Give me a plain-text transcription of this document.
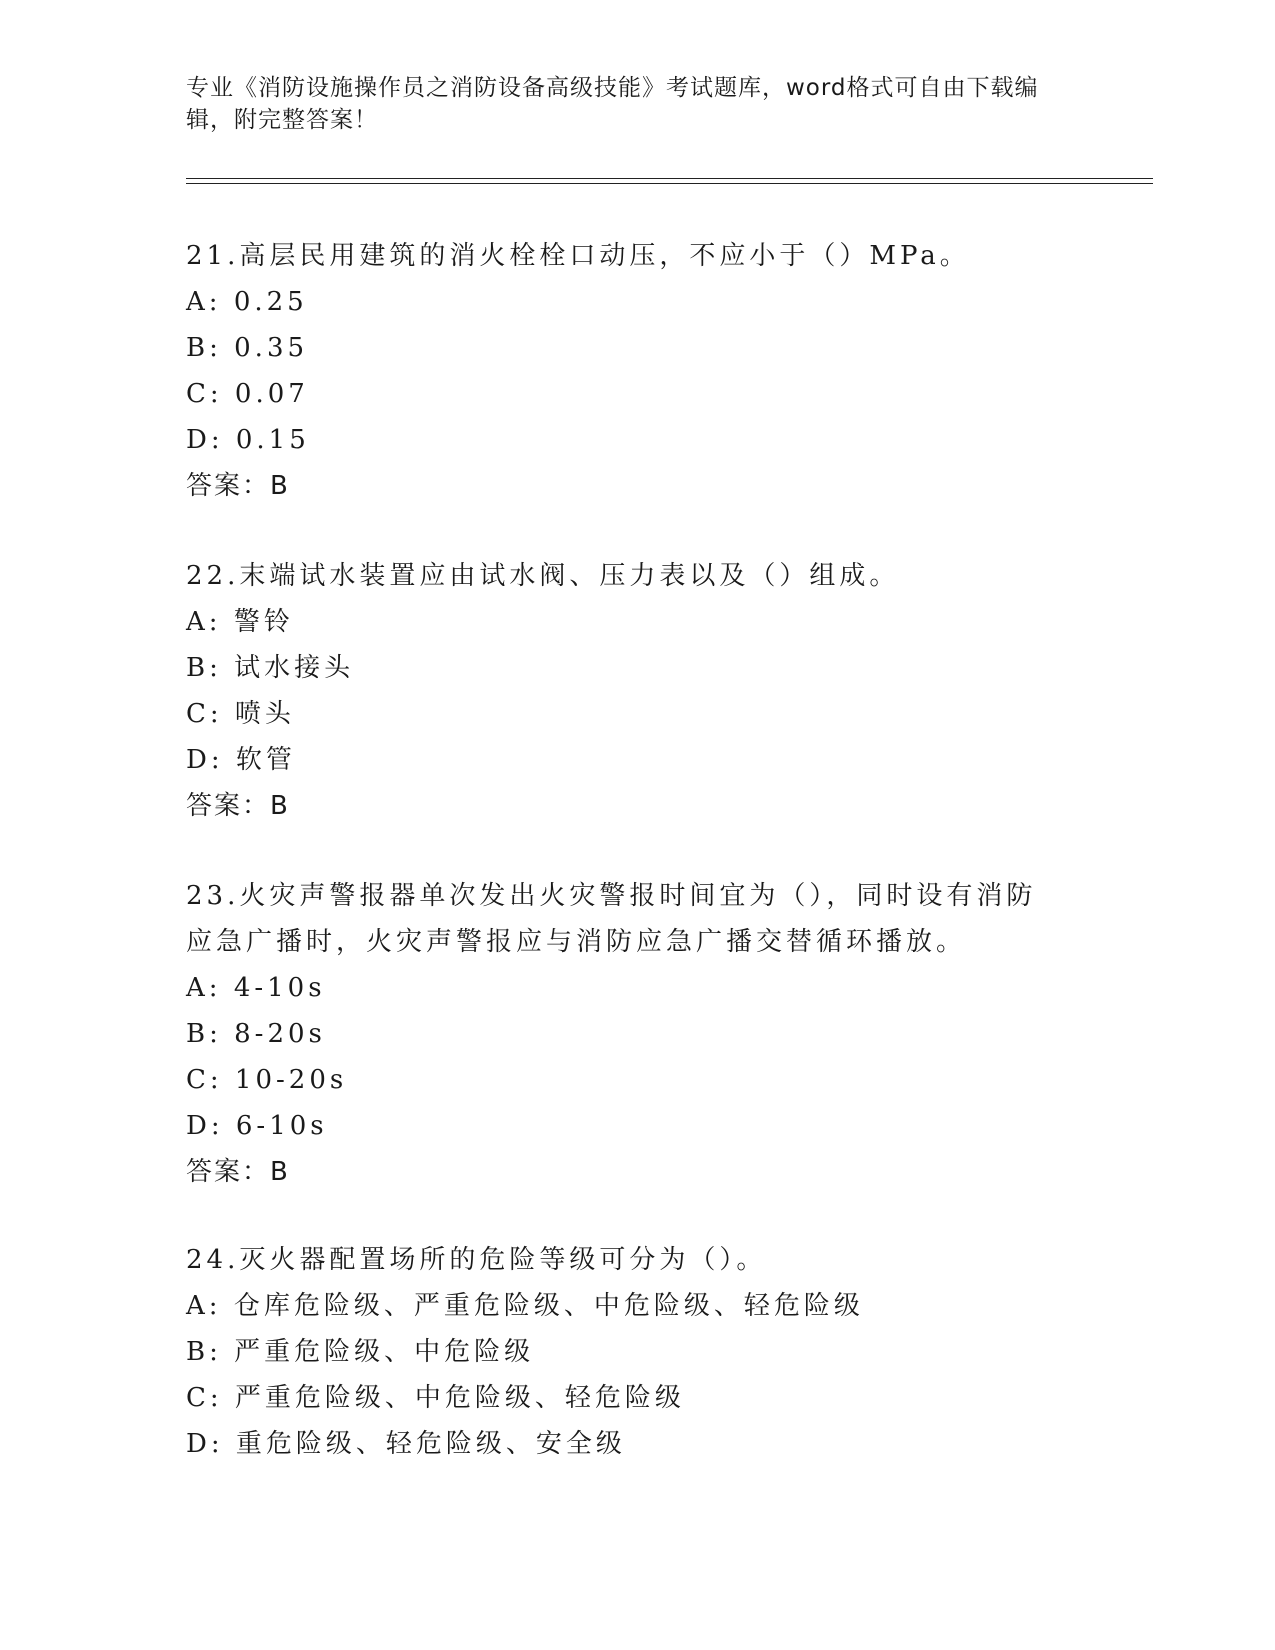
专业《消防设施操作员之消防设备高级技能》考试题库，word格式可自由下载编辑，附完整答案！
21.高层民用建筑的消火栓栓口动压，不应小于（）MPa。
A: 0.25
B: 0.35
C: 0.07
D: 0.15
答案：B
22.末端试水装置应由试水阀、压力表以及（）组成。
A: 警铃
B: 试水接头
C: 喷头
D: 软管
答案：B
23.火灾声警报器单次发出火灾警报时间宜为（），同时设有消防应急广播时，火灾声警报应与消防应急广播交替循环播放。
A: 4-10s
B: 8-20s
C: 10-20s
D: 6-10s
答案：B
24.灭火器配置场所的危险等级可分为（）。
A: 仓库危险级、严重危险级、中危险级、轻危险级
B: 严重危险级、中危险级
C: 严重危险级、中危险级、轻危险级
D: 重危险级、轻危险级、安全级
